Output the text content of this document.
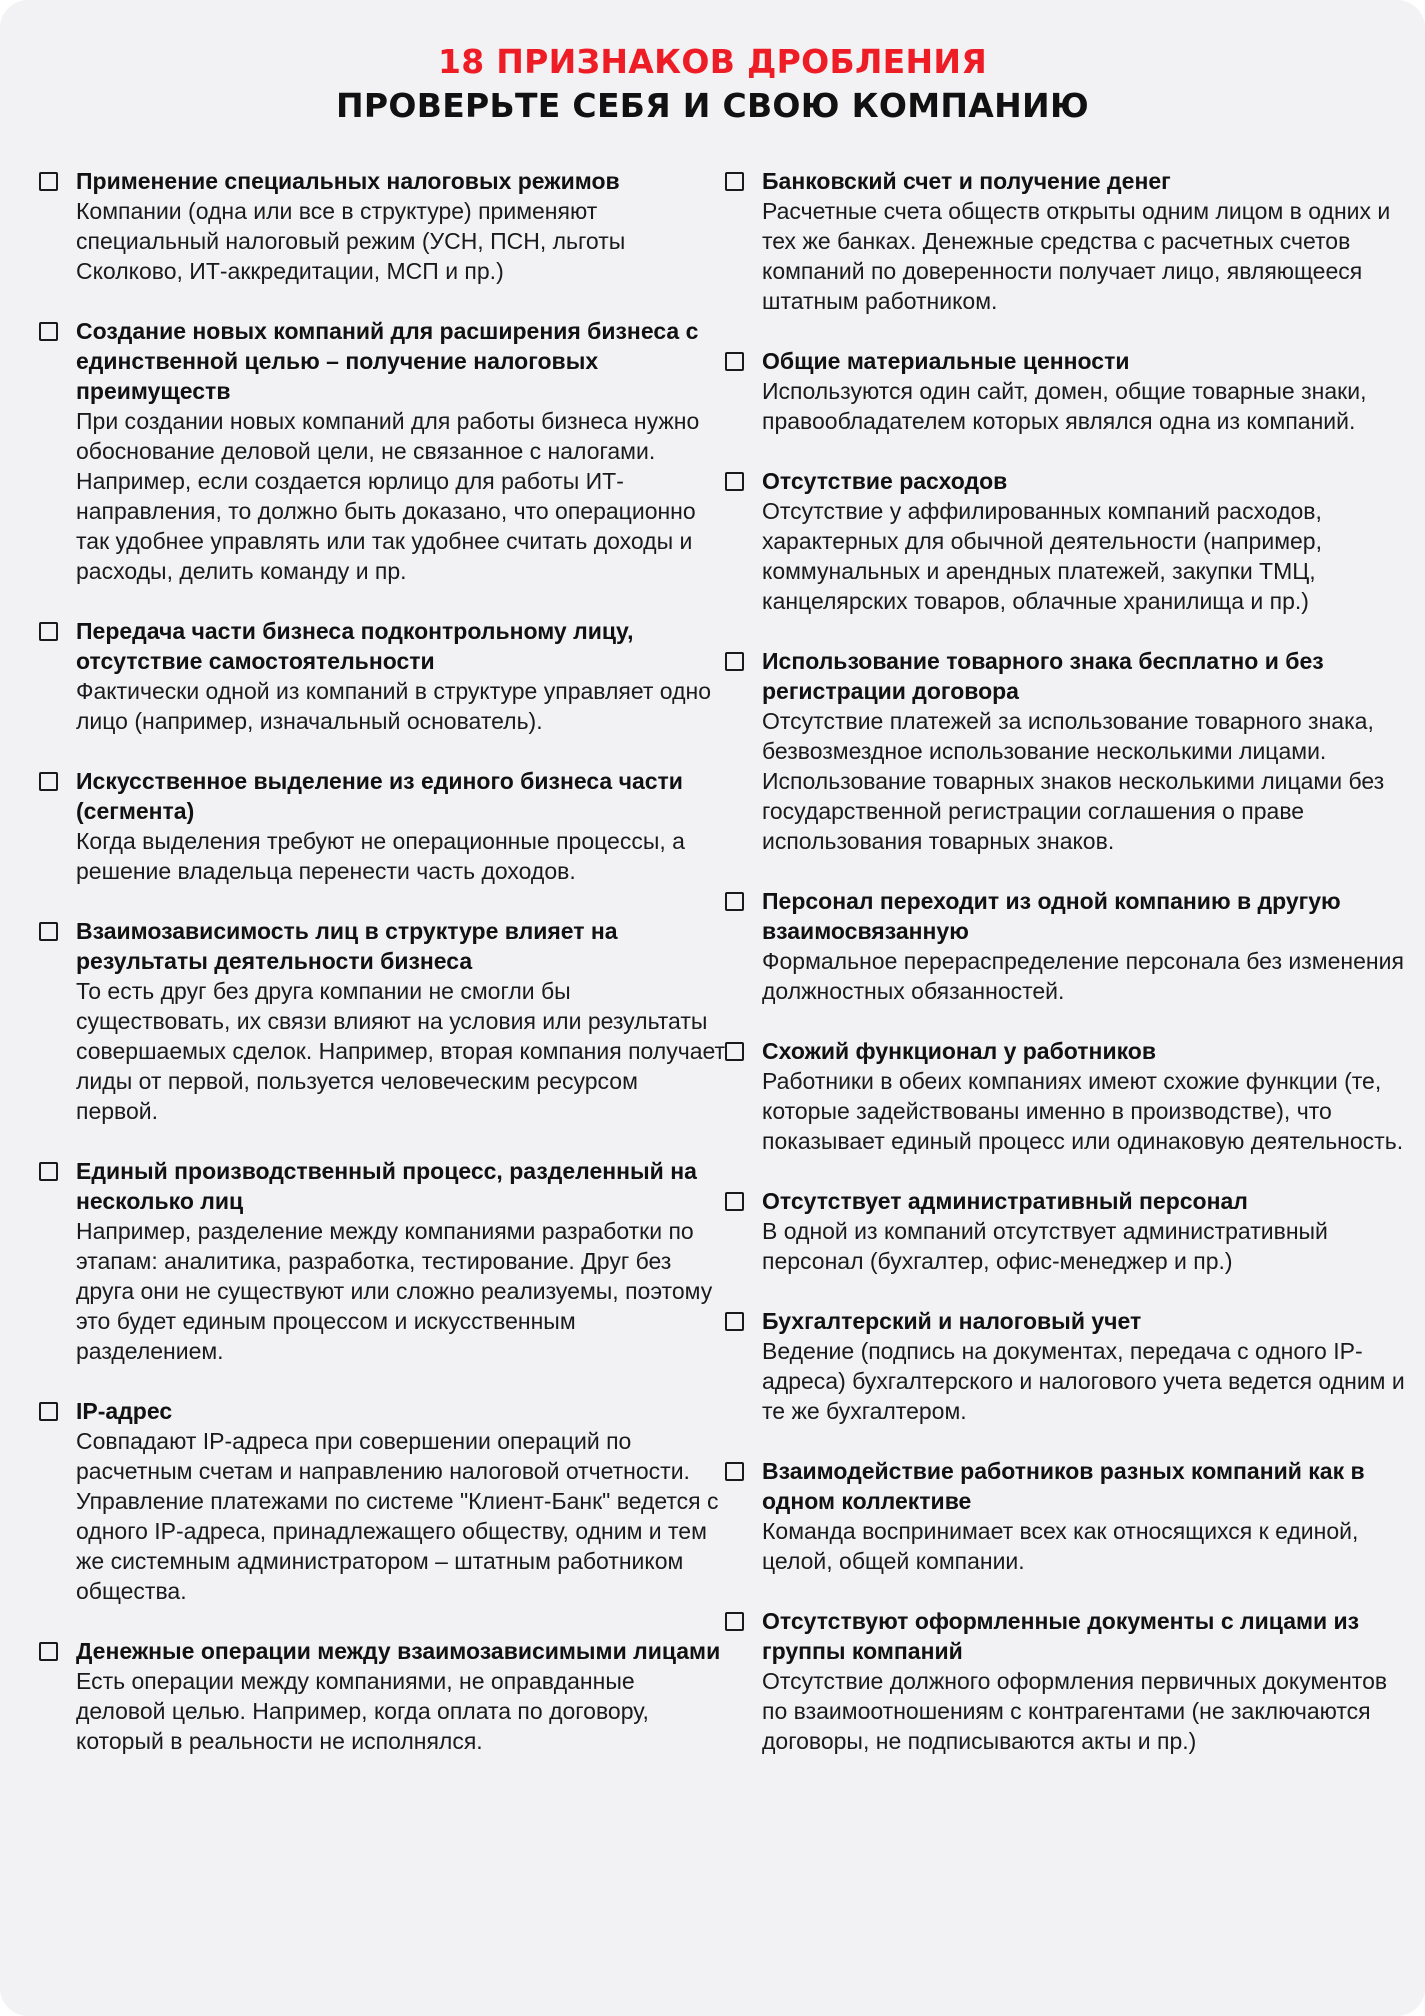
18 ПРИЗНАКОВ ДРОБЛЕНИЯ
ПРОВЕРЬТЕ СЕБЯ И СВОЮ КОМПАНИЮ
Применение специальных налоговых режимов
Компании (одна или все в структуре) применяют специальный налоговый режим (УСН, ПСН, льготы Сколково, ИТ-аккредитации, МСП и пр.)
Создание новых компаний для расширения бизнеса с единственной целью – получение налоговых преимуществ
При создании новых компаний для работы бизнеса нужно обоснование деловой цели, не связанное с налогами. Например, если создается юрлицо для работы ИТ-направления, то должно быть доказано, что операционно так удобнее управлять или так удобнее считать доходы и расходы, делить команду и пр.
Передача части бизнеса подконтрольному лицу, отсутствие самостоятельности
Фактически одной из компаний в структуре управляет одно лицо (например, изначальный основатель).
Искусственное выделение из единого бизнеса части (сегмента)
Когда выделения требуют не операционные процессы, а решение владельца перенести часть доходов.
Взаимозависимость лиц в структуре влияет на результаты деятельности бизнеса
То есть друг без друга компании не смогли бы существовать, их связи влияют на условия или результаты совершаемых сделок. Например, вторая компания получает лиды от первой, пользуется человеческим ресурсом первой.
Единый производственный процесс, разделенный на несколько лиц
Например, разделение между компаниями разработки по этапам: аналитика, разработка, тестирование. Друг без друга они не существуют или сложно реализуемы, поэтому это будет единым процессом и искусственным разделением.
IP-адрес
Совпадают IP-адреса при совершении операций по расчетным счетам и направлению налоговой отчетности. Управление платежами по системе "Клиент-Банк" ведется с одного IP-адреса, принадлежащего обществу, одним и тем же системным администратором – штатным работником общества.
Денежные операции между взаимозависимыми лицами
Есть операции между компаниями, не оправданные деловой целью. Например, когда оплата по договору, который в реальности не исполнялся.
Банковский счет и получение денег
Расчетные счета обществ открыты одним лицом в одних и тех же банках. Денежные средства с расчетных счетов компаний по доверенности получает лицо, являющееся штатным работником.
Общие материальные ценности
Используются один сайт, домен, общие товарные знаки, правообладателем которых являлся одна из компаний.
Отсутствие расходов
Отсутствие у аффилированных компаний расходов, характерных для обычной деятельности (например, коммунальных и арендных платежей, закупки ТМЦ, канцелярских товаров, облачные хранилища и пр.)
Использование товарного знака бесплатно и без регистрации договора
Отсутствие платежей за использование товарного знака, безвозмездное использование несколькими лицами. Использование товарных знаков несколькими лицами без государственной регистрации соглашения о праве использования товарных знаков.
Персонал переходит из одной компанию в другую взаимосвязанную
Формальное перераспределение персонала без изменения должностных обязанностей.
Схожий функционал у работников
Работники в обеих компаниях имеют схожие функции (те, которые задействованы именно в производстве), что показывает единый процесс или одинаковую деятельность.
Отсутствует административный персонал
В одной из компаний отсутствует административный персонал (бухгалтер, офис-менеджер и пр.)
Бухгалтерский и налоговый учет
Ведение (подпись на документах, передача с одного IP-адреса) бухгалтерского и налогового учета ведется одним и те же бухгалтером.
Взаимодействие работников разных компаний как в одном коллективе
Команда воспринимает всех как относящихся к единой, целой, общей компании.
Отсутствуют оформленные документы с лицами из группы компаний
Отсутствие должного оформления первичных документов по взаимоотношениям с контрагентами (не заключаются договоры, не подписываются акты и пр.)
